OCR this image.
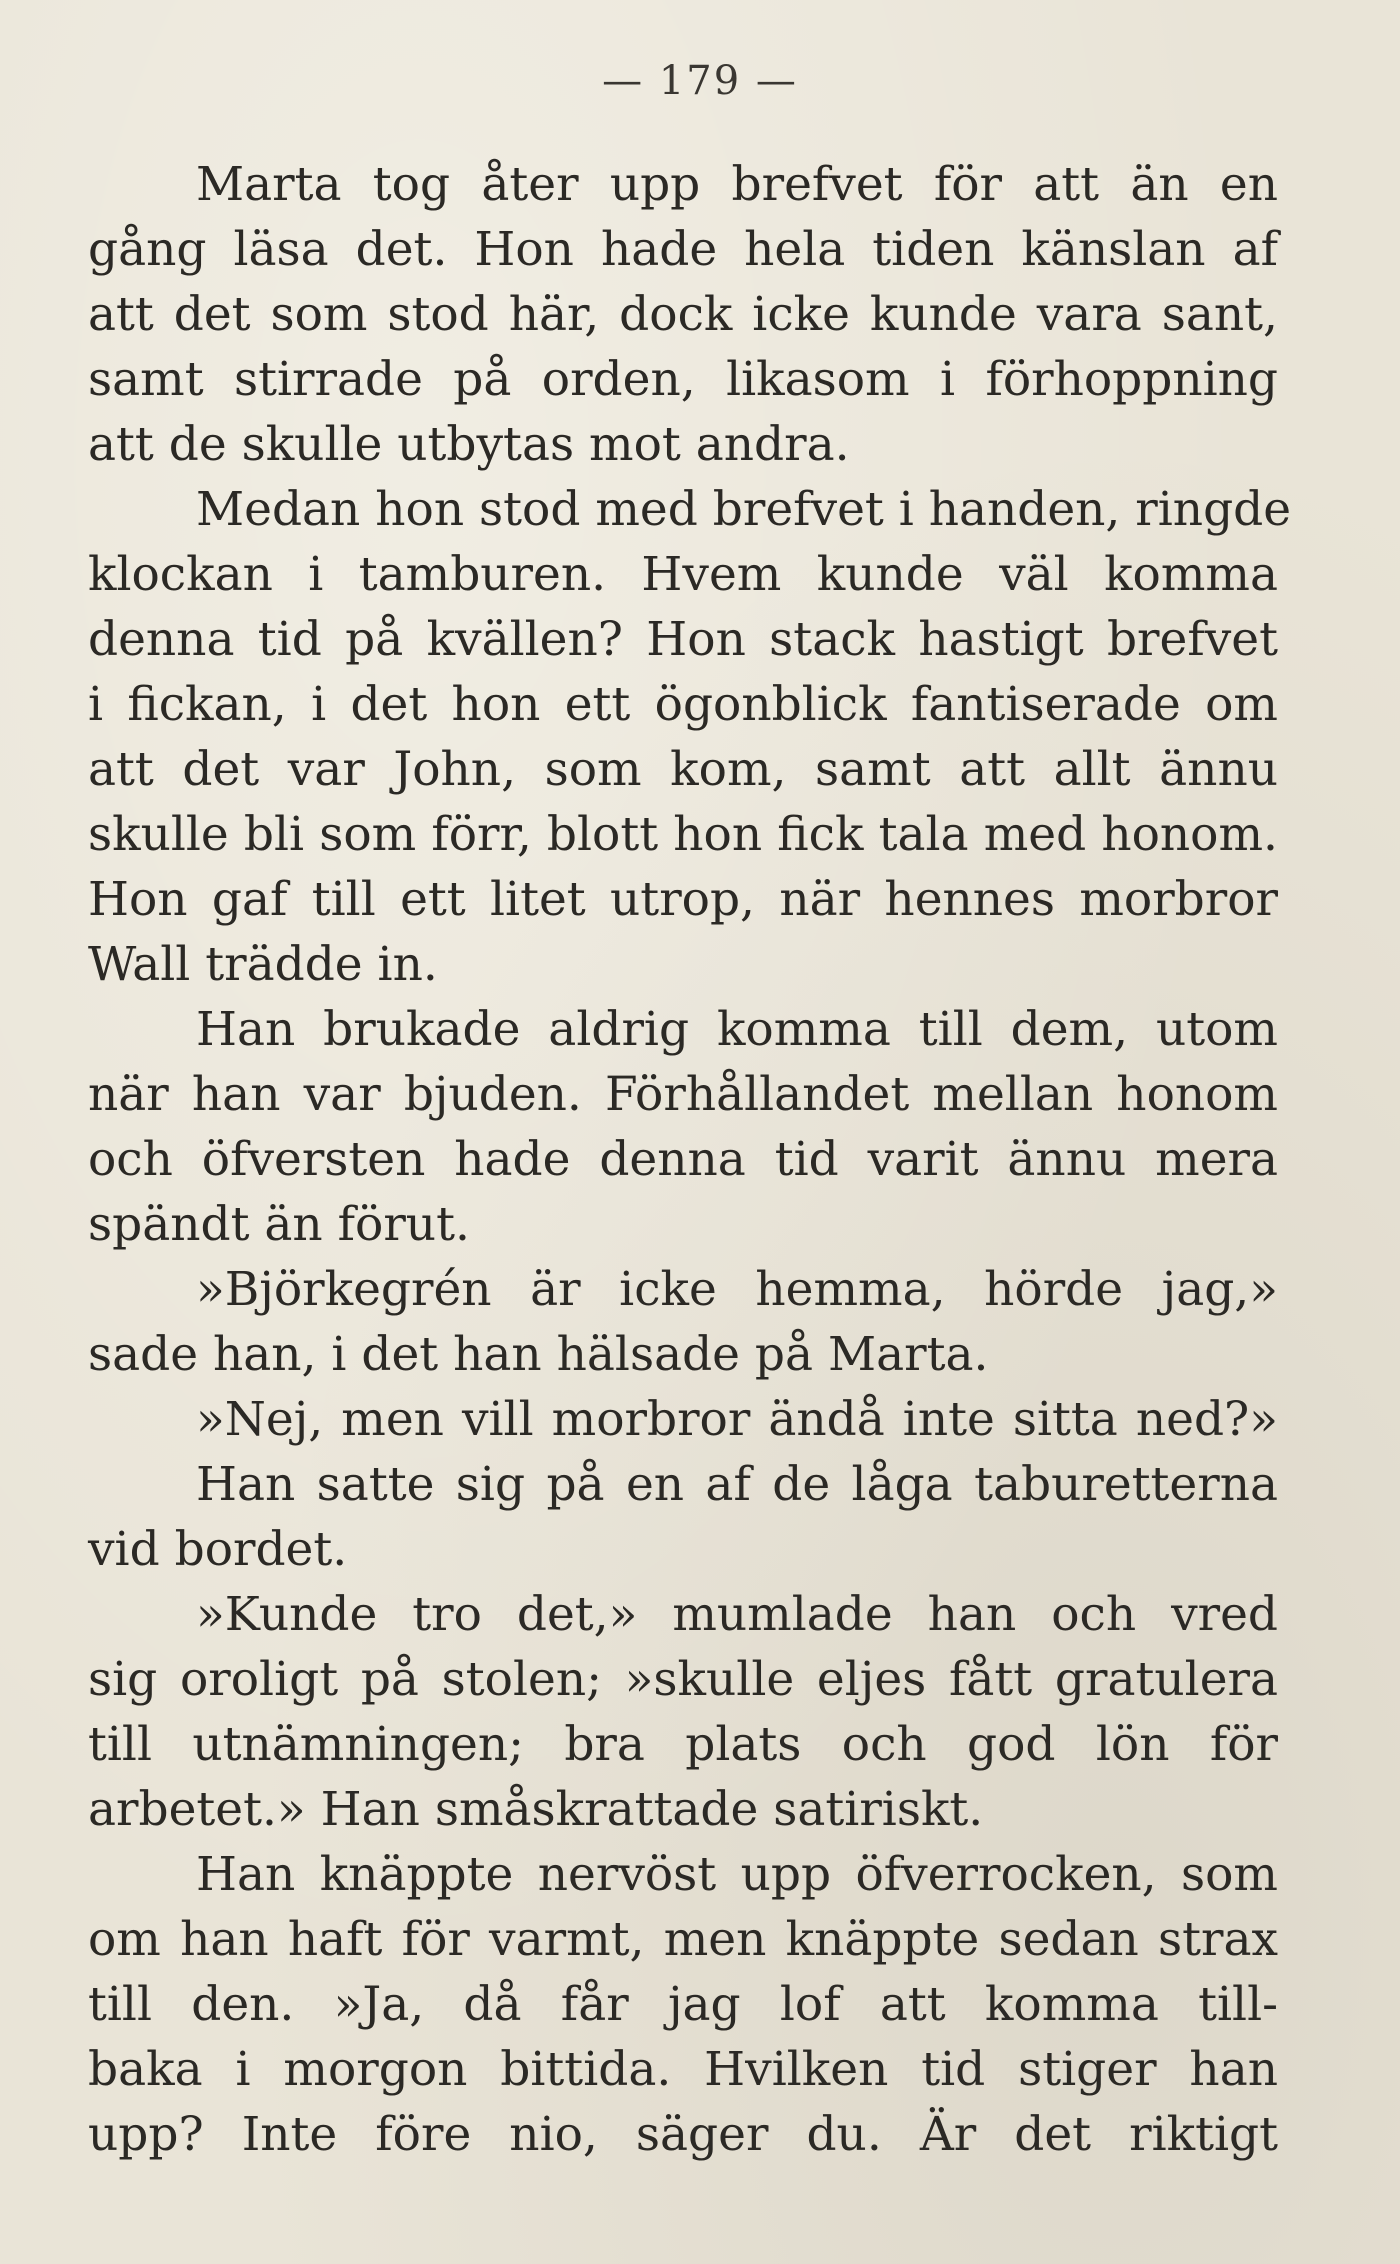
— 179 —
Marta tog åter upp brefvet för att än en
gång läsa det. Hon hade hela tiden känslan af
att det som stod här, dock icke kunde vara sant,
samt stirrade på orden, likasom i förhoppning
att de skulle utbytas mot andra.
Medan hon stod med brefvet i handen, ringde
klockan i tamburen. Hvem kunde väl komma
denna tid på kvällen? Hon stack hastigt brefvet
i fickan, i det hon ett ögonblick fantiserade om
att det var John, som kom, samt att allt ännu
skulle bli som förr, blott hon fick tala med honom.
Hon gaf till ett litet utrop, när hennes morbror
Wall trädde in.
Han brukade aldrig komma till dem, utom
när han var bjuden. Förhållandet mellan honom
och öfversten hade denna tid varit ännu mera
spändt än förut.
»Björkegrén är icke hemma, hörde jag,»
sade han, i det han hälsade på Marta.
»Nej, men vill morbror ändå inte sitta ned?»
Han satte sig på en af de låga taburetterna
vid bordet.
»Kunde tro det,» mumlade han och vred
sig oroligt på stolen; »skulle eljes fått gratulera
till utnämningen; bra plats och god lön för
arbetet.» Han småskrattade satiriskt.
Han knäppte nervöst upp öfverrocken, som
om han haft för varmt, men knäppte sedan strax
till den. »Ja, då får jag lof att komma till-
baka i morgon bittida. Hvilken tid stiger han
upp? Inte före nio, säger du. Är det riktigt
